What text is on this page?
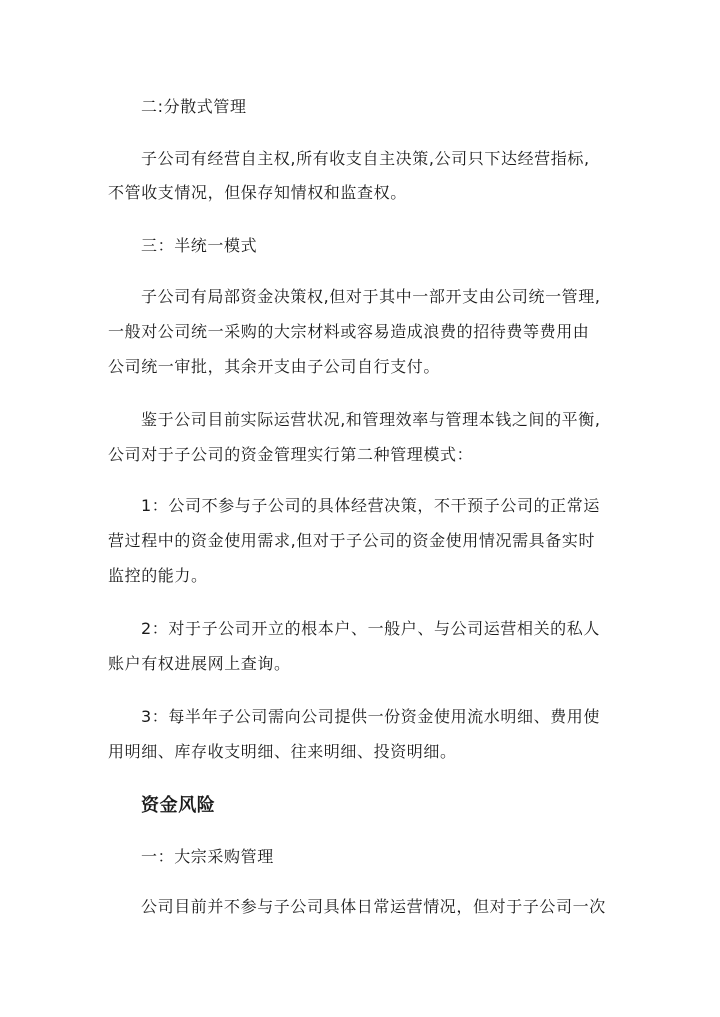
二:分散式管理
子公司有经营自主权,所有收支自主决策,公司只下达经营指标,
不管收支情况，但保存知情权和监查权。
三：半统一模式
子公司有局部资金决策权,但对于其中一部开支由公司统一管理,
一般对公司统一采购的大宗材料或容易造成浪费的招待费等费用由
公司统一审批，其余开支由子公司自行支付。
鉴于公司目前实际运营状况,和管理效率与管理本钱之间的平衡,
公司对于子公司的资金管理实行第二种管理模式：
1：公司不参与子公司的具体经营决策，不干预子公司的正常运
营过程中的资金使用需求,但对于子公司的资金使用情况需具备实时
监控的能力。
2：对于子公司开立的根本户、一般户、与公司运营相关的私人
账户有权进展网上查询。
3：每半年子公司需向公司提供一份资金使用流水明细、费用使
用明细、库存收支明细、往来明细、投资明细。
资金风险
一：大宗采购管理
公司目前并不参与子公司具体日常运营情况，但对于子公司一次
